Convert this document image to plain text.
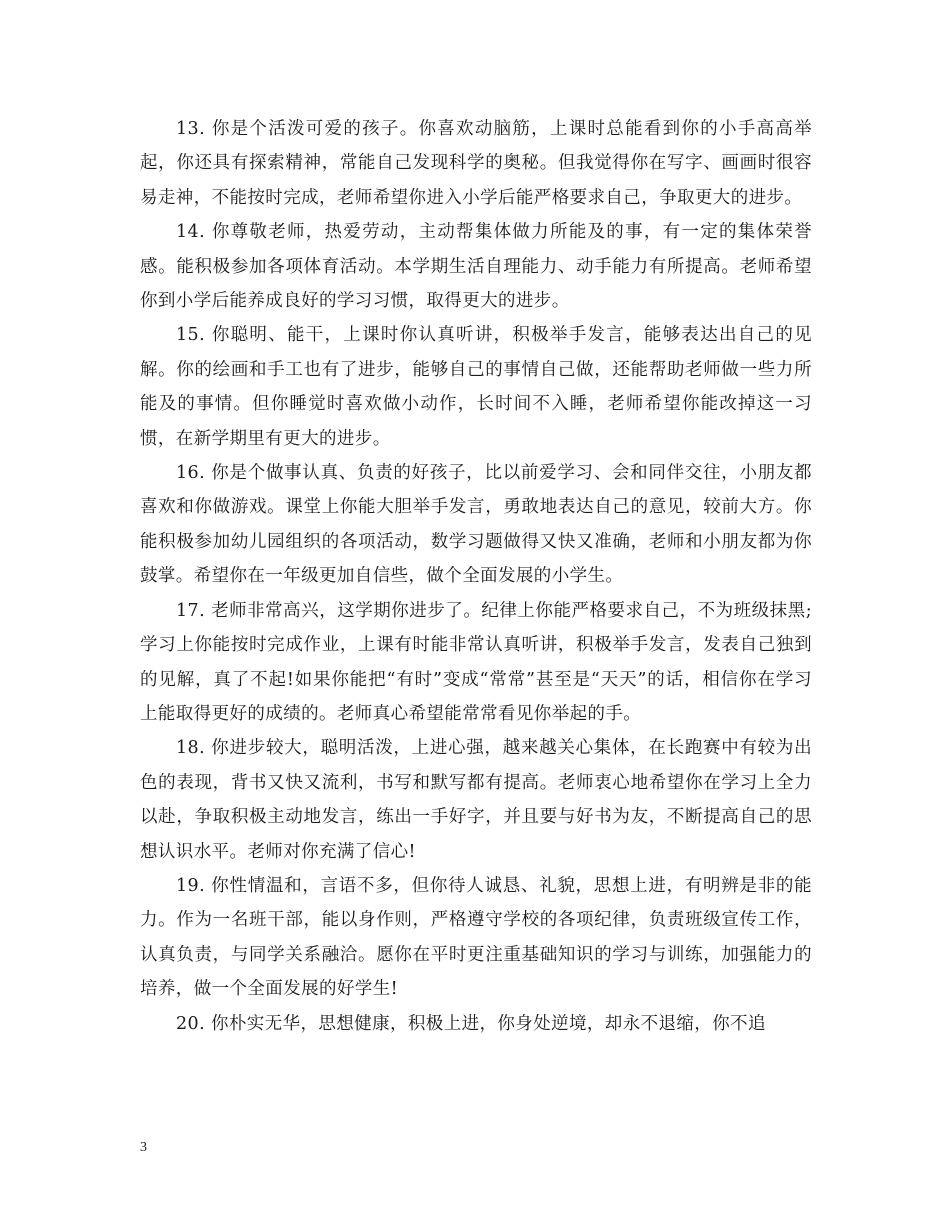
13. 你是个活泼可爱的孩子。你喜欢动脑筋，上课时总能看到你的小手高高举起，你还具有探索精神，常能自己发现科学的奥秘。但我觉得你在写字、画画时很容易走神，不能按时完成，老师希望你进入小学后能严格要求自己，争取更大的进步。

14. 你尊敬老师，热爱劳动，主动帮集体做力所能及的事，有一定的集体荣誉感。能积极参加各项体育活动。本学期生活自理能力、动手能力有所提高。老师希望你到小学后能养成良好的学习习惯，取得更大的进步。

15. 你聪明、能干，上课时你认真听讲，积极举手发言，能够表达出自己的见解。你的绘画和手工也有了进步，能够自己的事情自己做，还能帮助老师做一些力所能及的事情。但你睡觉时喜欢做小动作，长时间不入睡，老师希望你能改掉这一习惯，在新学期里有更大的进步。

16. 你是个做事认真、负责的好孩子，比以前爱学习、会和同伴交往，小朋友都喜欢和你做游戏。课堂上你能大胆举手发言，勇敢地表达自己的意见，较前大方。你能积极参加幼儿园组织的各项活动，数学习题做得又快又准确，老师和小朋友都为你鼓掌。希望你在一年级更加自信些，做个全面发展的小学生。

17. 老师非常高兴，这学期你进步了。纪律上你能严格要求自己，不为班级抹黑;学习上你能按时完成作业，上课有时能非常认真听讲，积极举手发言，发表自己独到的见解，真了不起!如果你能把“有时”变成“常常”甚至是“天天”的话，相信你在学习上能取得更好的成绩的。老师真心希望能常常看见你举起的手。

18. 你进步较大，聪明活泼，上进心强，越来越关心集体，在长跑赛中有较为出色的表现，背书又快又流利，书写和默写都有提高。老师衷心地希望你在学习上全力以赴，争取积极主动地发言，练出一手好字，并且要与好书为友，不断提高自己的思想认识水平。老师对你充满了信心!

19. 你性情温和，言语不多，但你待人诚恳、礼貌，思想上进，有明辨是非的能力。作为一名班干部，能以身作则，严格遵守学校的各项纪律，负责班级宣传工作，认真负责，与同学关系融洽。愿你在平时更注重基础知识的学习与训练，加强能力的培养，做一个全面发展的好学生!

20. 你朴实无华，思想健康，积极上进，你身处逆境，却永不退缩，你不追

3
